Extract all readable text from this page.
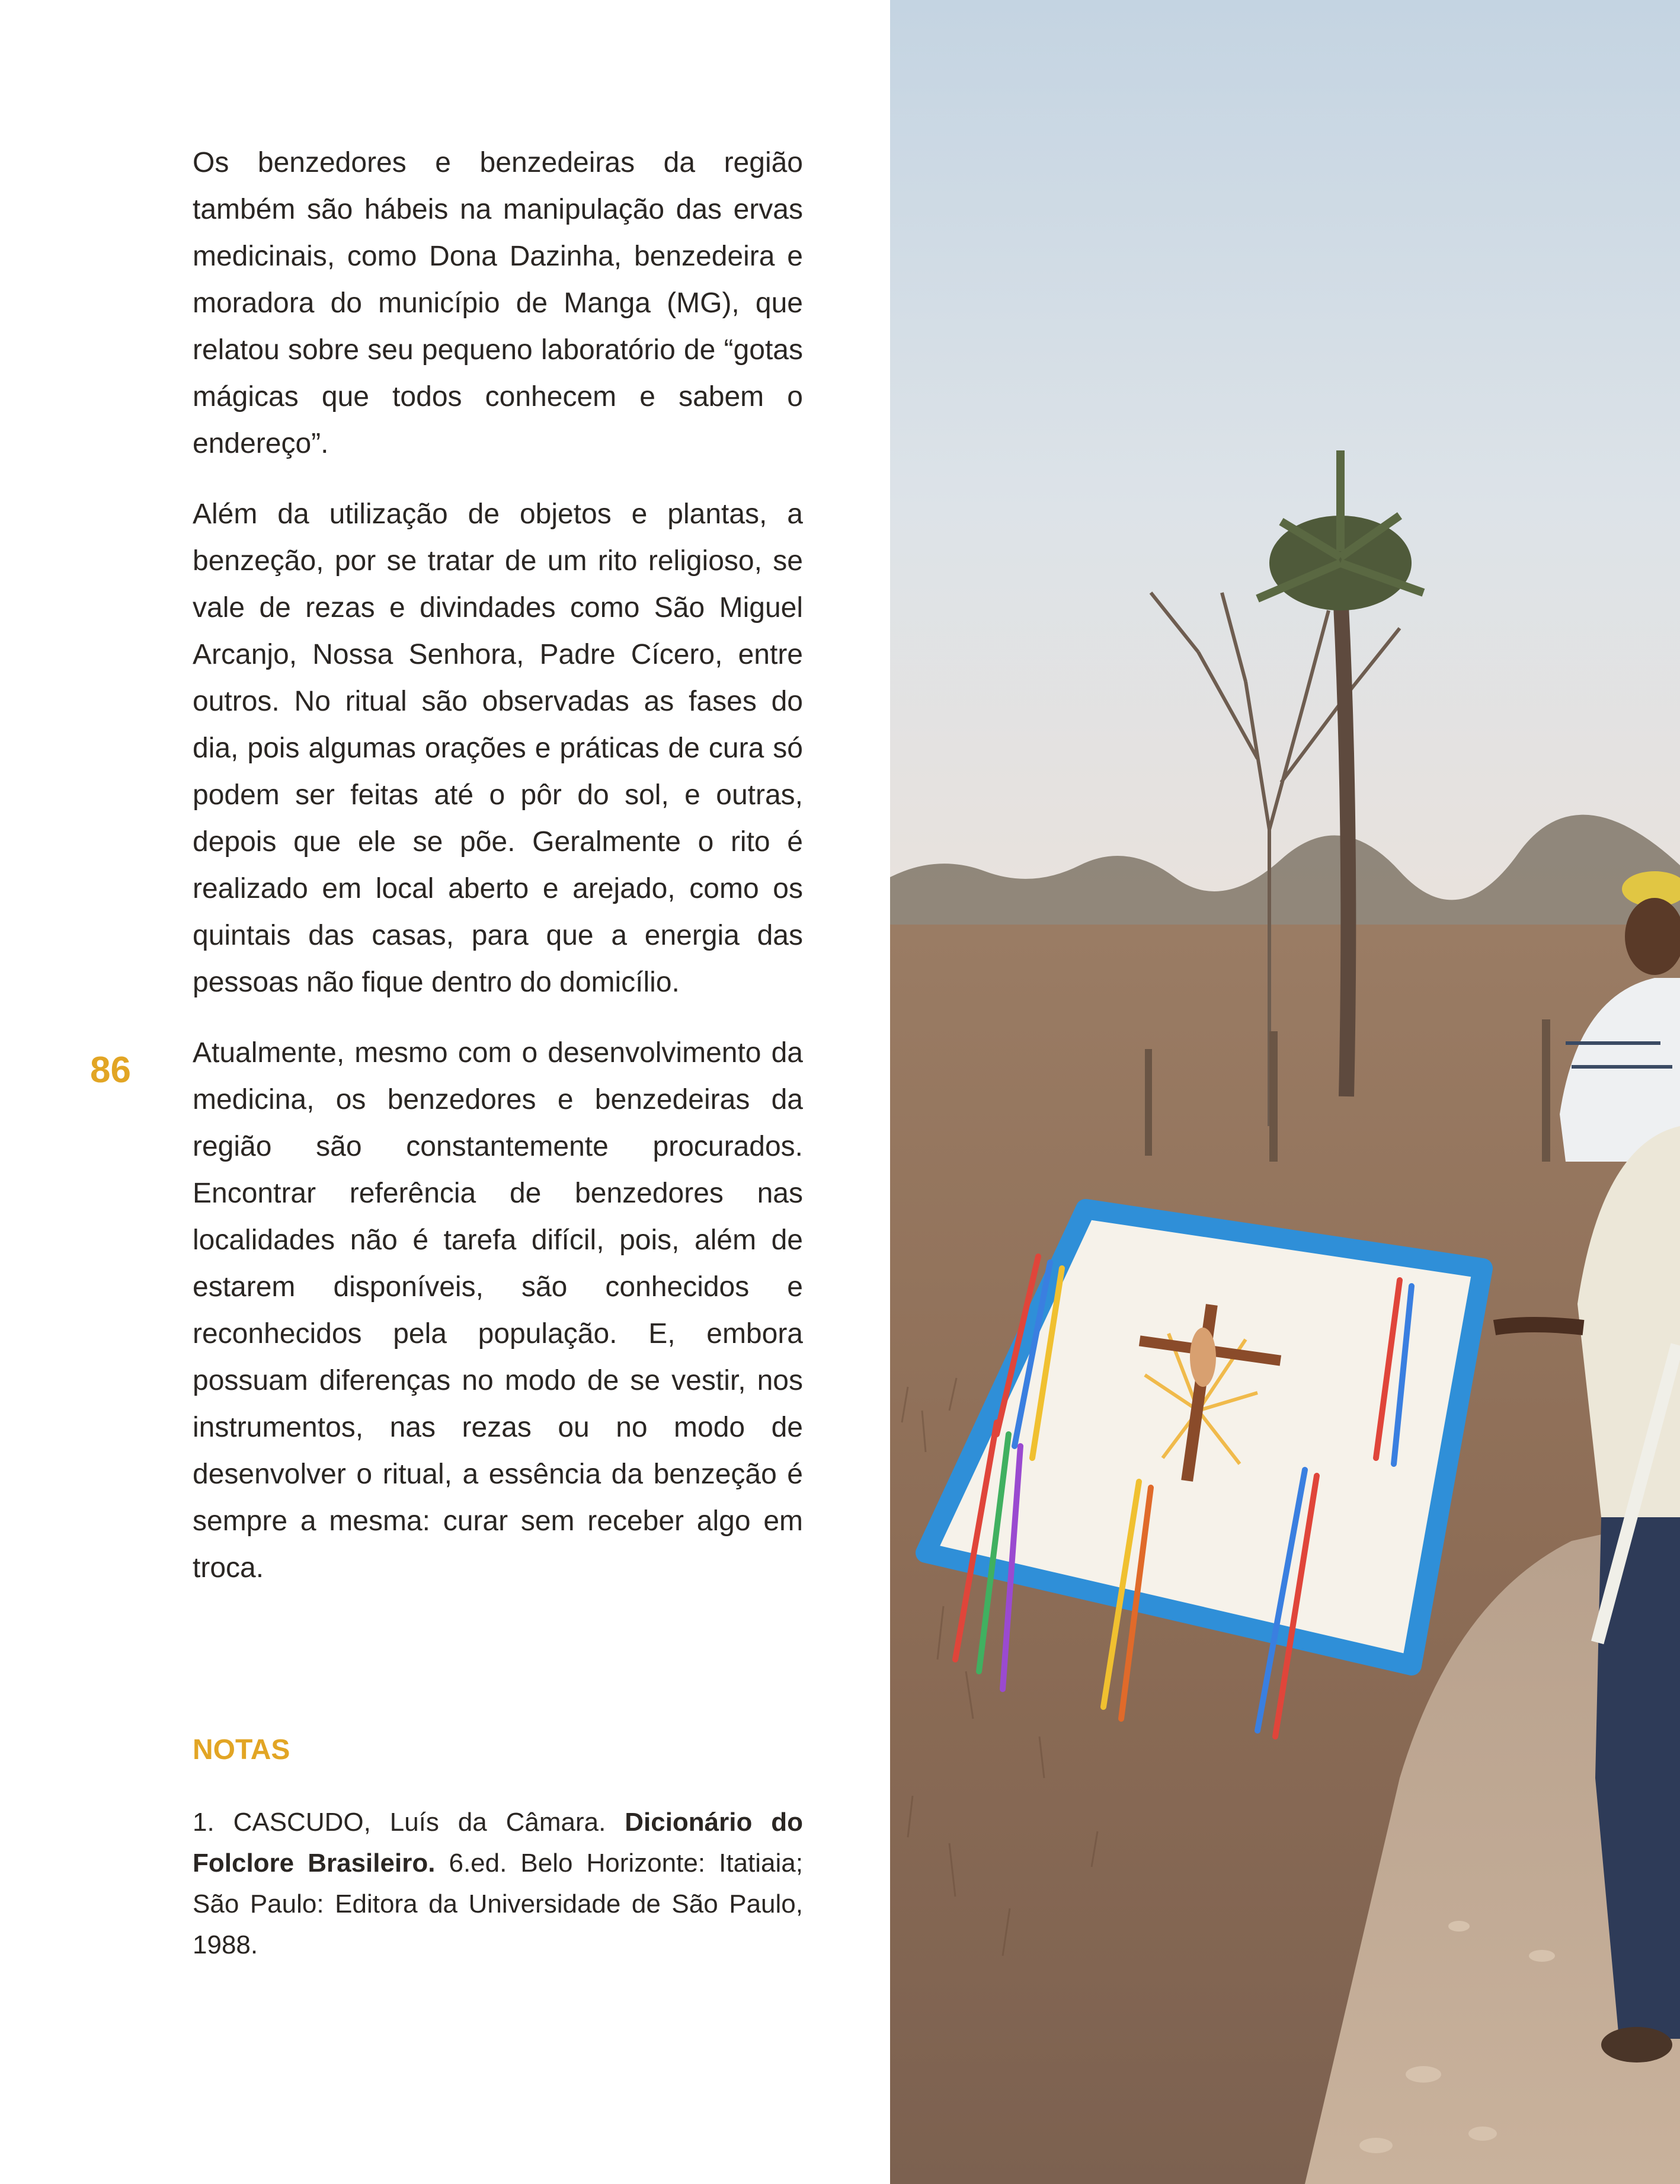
Os benzedores e benzedeiras da região também são hábeis na manipulação das ervas medicinais, como Dona Dazinha, benzedeira e moradora do município de Manga (MG), que relatou sobre seu pequeno laboratório de “gotas mágicas que todos conhecem e sabem o endereço”.

Além da utilização de objetos e plantas, a benzeção, por se tratar de um rito religioso, se vale de rezas e divindades como São Miguel Arcanjo, Nossa Senhora, Padre Cícero, entre outros. No ritual são observadas as fases do dia, pois algumas orações e práticas de cura só podem ser feitas até o pôr do sol, e outras, depois que ele se põe. Geralmente o rito é realizado em local aberto e arejado, como os quintais das casas, para que a energia das pessoas não fique dentro do domicílio.

Atualmente, mesmo com o desenvolvimento da medicina, os benzedores e benzedeiras da região são constantemente procurados. Encontrar referência de benzedores nas localidades não é tarefa difícil, pois, além de estarem disponíveis, são conhecidos e reconhecidos pela população. E, embora possuam diferenças no modo de se vestir, nos instrumentos, nas rezas ou no modo de desenvolver o ritual, a essência da benzeção é sempre a mesma: curar sem receber algo em troca.

86
NOTAS

1. CASCUDO, Luís da Câmara. Dicionário do Folclore Brasileiro. 6.ed. Belo Horizonte: Itatiaia; São Paulo: Editora da Universidade de São Paulo, 1988.
